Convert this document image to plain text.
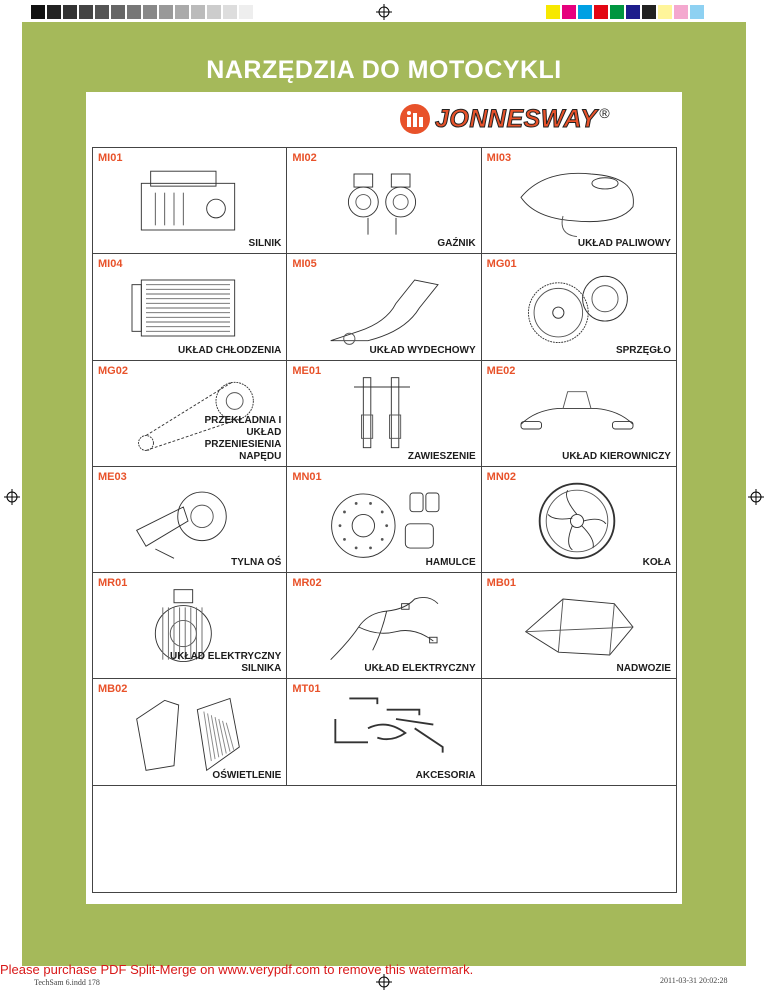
NARZĘDZIA DO MOTOCYKLI
JONNESWAY ®
MI01
SILNIK
MI02
GAŹNIK
MI03
UKŁAD PALIWOWY
MI04
UKŁAD CHŁODZENIA
MI05
UKŁAD WYDECHOWY
MG01
SPRZĘGŁO
MG02
PRZEKŁADNIA I UKŁAD PRZENIESIENIA NAPĘDU
ME01
ZAWIESZENIE
ME02
UKŁAD KIEROWNICZY
ME03
TYLNA OŚ
MN01
HAMULCE
MN02
KOŁA
MR01
UKŁAD ELEKTRYCZNY SILNIKA
MR02
UKŁAD ELEKTRYCZNY
MB01
NADWOZIE
MB02
OŚWIETLENIE
MT01
AKCESORIA
Please purchase PDF Split-Merge on www.verypdf.com to remove this watermark.
TechSam 6.indd 178	2011-03-31 20:02:28
